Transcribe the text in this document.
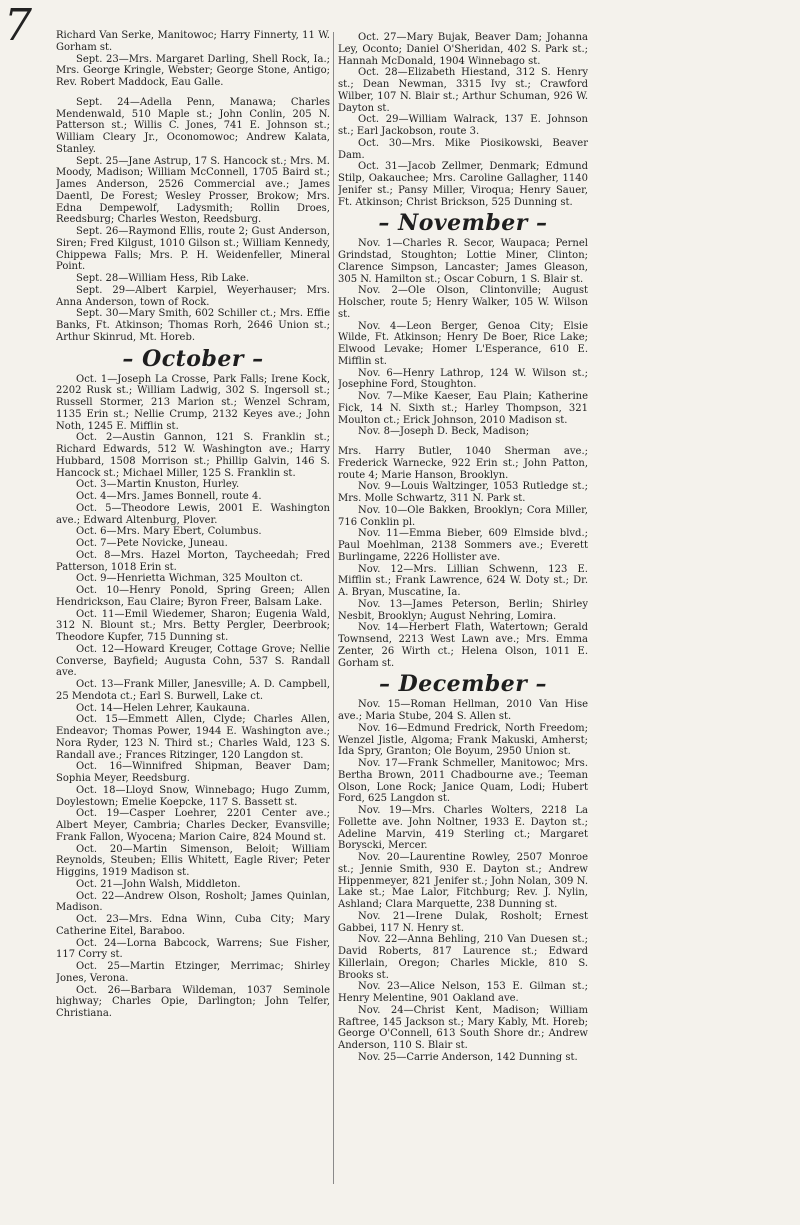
7 Richard Van Serke, Manitowoc; Harry Finnerty, 11 W. Gorham st.

Sept. 23—Mrs. Margaret Darling, Shell Rock, Ia.; Mrs. George Kringle, Webster; George Stone, Antigo; Rev. Robert Maddock, Eau Galle.

Sept. 24—Adella Penn, Manawa; Charles Mendenwald, 510 Maple st.; John Conlin, 205 N. Patterson st.; Willis C. Jones, 741 E. Johnson st.; William Cleary Jr., Oconomowoc; Andrew Kalata, Stanley.

Sept. 25—Jane Astrup, 17 S. Hancock st.; Mrs. M. Moody, Madison; William McConnell, 1705 Baird st.; James Anderson, 2526 Commercial ave.; James Daentl, De Forest; Wesley Prosser, Brokow; Mrs. Edna Dempewolf, Ladysmith; Rollin Droes, Reedsburg; Charles Weston, Reedsburg.

Sept. 26—Raymond Ellis, route 2; Gust Anderson, Siren; Fred Kilgust, 1010 Gilson st.; William Kennedy, Chippewa Falls; Mrs. P. H. Weidenfeller, Mineral Point.

Sept. 28—William Hess, Rib Lake.

Sept. 29—Albert Karpiel, Weyerhauser; Mrs. Anna Anderson, town of Rock.

Sept. 30—Mary Smith, 602 Schiller ct.; Mrs. Effie Banks, Ft. Atkinson; Thomas Rorh, 2646 Union st.; Arthur Skinrud, Mt. Horeb.

– October –

Oct. 1—Joseph La Crosse, Park Falls; Irene Kock, 2202 Rusk st.; William Ladwig, 302 S. Ingersoll st.; Russell Stormer, 213 Marion st.; Wenzel Schram, 1135 Erin st.; Nellie Crump, 2132 Keyes ave.; John Noth, 1245 E. Mifflin st.

Oct. 2—Austin Gannon, 121 S. Franklin st.; Richard Edwards, 512 W. Washington ave.; Harry Hubbard, 1508 Morrison st.; Phillip Galvin, 146 S. Hancock st.; Michael Miller, 125 S. Franklin st.

Oct. 3—Martin Knuston, Hurley.

Oct. 4—Mrs. James Bonnell, route 4.

Oct. 5—Theodore Lewis, 2001 E. Washington ave.; Edward Altenburg, Plover.

Oct. 6—Mrs. Mary Ebert, Columbus.

Oct. 7—Pete Novicke, Juneau.

Oct. 8—Mrs. Hazel Morton, Taycheedah; Fred Patterson, 1018 Erin st.

Oct. 9—Henrietta Wichman, 325 Moulton ct.

Oct. 10—Henry Ponold, Spring Green; Allen Hendrickson, Eau Claire; Byron Freer, Balsam Lake.

Oct. 11—Emil Wiedemer, Sharon; Eugenia Wald, 312 N. Blount st.; Mrs. Betty Pergler, Deerbrook; Theodore Kupfer, 715 Dunning st.

Oct. 12—Howard Kreuger, Cottage Grove; Nellie Converse, Bayfield; Augusta Cohn, 537 S. Randall ave.

Oct. 13—Frank Miller, Janesville; A. D. Campbell, 25 Mendota ct.; Earl S. Burwell, Lake ct.

Oct. 14—Helen Lehrer, Kaukauna.

Oct. 15—Emmett Allen, Clyde; Charles Allen, Endeavor; Thomas Power, 1944 E. Washington ave.; Nora Ryder, 123 N. Third st.; Charles Wald, 123 S. Randall ave.; Frances Ritzinger, 120 Langdon st.

Oct. 16—Winnifred Shipman, Beaver Dam; Sophia Meyer, Reedsburg.

Oct. 18—Lloyd Snow, Winnebago; Hugo Zumm, Doylestown; Emelie Koepcke, 117 S. Bassett st.

Oct. 19—Casper Loehrer, 2201 Center ave.; Albert Meyer, Cambria; Charles Decker, Evansville; Frank Fallon, Wyocena; Marion Caire, 824 Mound st.

Oct. 20—Martin Simenson, Beloit; William Reynolds, Steuben; Ellis Whitett, Eagle River; Peter Higgins, 1919 Madison st.

Oct. 21—John Walsh, Middleton.

Oct. 22—Andrew Olson, Rosholt; James Quinlan, Madison.

Oct. 23—Mrs. Edna Winn, Cuba City; Mary Catherine Eitel, Baraboo.

Oct. 24—Lorna Babcock, Warrens; Sue Fisher, 117 Corry st.

Oct. 25—Martin Etzinger, Merrimac; Shirley Jones, Verona.

Oct. 26—Barbara Wildeman, 1037 Seminole highway; Charles Opie, Darlington; John Telfer, Christiana.

Oct. 27—Mary Bujak, Beaver Dam; Johanna Ley, Oconto; Daniel O'Sheridan, 402 S. Park st.; Hannah McDonald, 1904 Winnebago st.

Oct. 28—Elizabeth Hiestand, 312 S. Henry st.; Dean Newman, 3315 Ivy st.; Crawford Wilber, 107 N. Blair st.; Arthur Schuman, 926 W. Dayton st.

Oct. 29—William Walrack, 137 E. Johnson st.; Earl Jackobson, route 3.

Oct. 30—Mrs. Mike Piosikowski, Beaver Dam.

Oct. 31—Jacob Zellmer, Denmark; Edmund Stilp, Oakauchee; Mrs. Caroline Gallagher, 1140 Jenifer st.; Pansy Miller, Viroqua; Henry Sauer, Ft. Atkinson; Christ Brickson, 525 Dunning st.

– November –

Nov. 1—Charles R. Secor, Waupaca; Pernel Grindstad, Stoughton; Lottie Miner, Clinton; Clarence Simpson, Lancaster; James Gleason, 305 N. Hamilton st.; Oscar Coburn, 1 S. Blair st.

Nov. 2—Ole Olson, Clintonville; August Holscher, route 5; Henry Walker, 105 W. Wilson st.

Nov. 4—Leon Berger, Genoa City; Elsie Wilde, Ft. Atkinson; Henry De Boer, Rice Lake; Elwood Levake; Homer L'Esperance, 610 E. Mifflin st.

Nov. 6—Henry Lathrop, 124 W. Wilson st.; Josephine Ford, Stoughton.

Nov. 7—Mike Kaeser, Eau Plain; Katherine Fick, 14 N. Sixth st.; Harley Thompson, 321 Moulton ct.; Erick Johnson, 2010 Madison st.

Nov. 8—Joseph D. Beck, Madison;

Mrs. Harry Butler, 1040 Sherman ave.; Frederick Warnecke, 922 Erin st.; John Patton, route 4; Marie Hanson, Brooklyn.

Nov. 9—Louis Waltzinger, 1053 Rutledge st.; Mrs. Molle Schwartz, 311 N. Park st.

Nov. 10—Ole Bakken, Brooklyn; Cora Miller, 716 Conklin pl.

Nov. 11—Emma Bieber, 609 Elmside blvd.; Paul Moehlman, 2138 Sommers ave.; Everett Burlingame, 2226 Hollister ave.

Nov. 12—Mrs. Lillian Schwenn, 123 E. Mifflin st.; Frank Lawrence, 624 W. Doty st.; Dr. A. Bryan, Muscatine, Ia.

Nov. 13—James Peterson, Berlin; Shirley Nesbit, Brooklyn; August Nehring, Lomira.

Nov. 14—Herbert Flath, Watertown; Gerald Townsend, 2213 West Lawn ave.; Mrs. Emma Zenter, 26 Wirth ct.; Helena Olson, 1011 E. Gorham st.

– December –

Nov. 15—Roman Hellman, 2010 Van Hise ave.; Maria Stube, 204 S. Allen st.

Nov. 16—Edmund Fredrick, North Freedom; Wenzel Jistle, Algoma; Frank Makuski, Amherst; Ida Spry, Granton; Ole Boyum, 2950 Union st.

Nov. 17—Frank Schmeller, Manitowoc; Mrs. Bertha Brown, 2011 Chadbourne ave.; Teeman Olson, Lone Rock; Janice Quam, Lodi; Hubert Ford, 625 Langdon st.

Nov. 19—Mrs. Charles Wolters, 2218 La Follette ave. John Noltner, 1933 E. Dayton st.; Adeline Marvin, 419 Sterling ct.; Margaret Boryscki, Mercer.

Nov. 20—Laurentine Rowley, 2507 Monroe st.; Jennie Smith, 930 E. Dayton st.; Andrew Hippenmeyer, 821 Jenifer st.; John Nolan, 309 N. Lake st.; Mae Lalor, Fitchburg; Rev. J. Nylin, Ashland; Clara Marquette, 238 Dunning st.

Nov. 21—Irene Dulak, Rosholt; Ernest Gabbei, 117 N. Henry st.

Nov. 22—Anna Behling, 210 Van Duesen st.; David Roberts, 817 Laurence st.; Edward Killerlain, Oregon; Charles Mickle, 810 S. Brooks st.

Nov. 23—Alice Nelson, 153 E. Gilman st.; Henry Melentine, 901 Oakland ave.

Nov. 24—Christ Kent, Madison; William Raftree, 145 Jackson st.; Mary Kably, Mt. Horeb; George O'Connell, 613 South Shore dr.; Andrew Anderson, 110 S. Blair st.

Nov. 25—Carrie Anderson, 142 Dunning st.
